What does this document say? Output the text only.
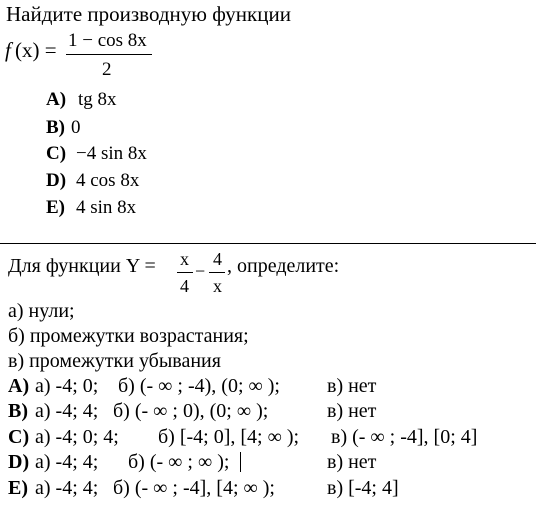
Найдите производную функции
f (x) = 1 − cos 8x
2
A) tg 8x
B) 0
C) −4 sin 8x
D) 4 cos 8x
E) 4 sin 8x
Для функции Y = x
4
−
4
x
, определите:
а) нули;
б) промежутки возрастания;
в) промежутки убывания
A) а) -4; 0; б) (- ∞ ; -4), (0; ∞ ); в) нет
B) а) -4; 4; б) (- ∞ ; 0), (0; ∞ );	в) нет
C) а) -4; 0; 4; б) [-4; 0], [4; ∞ ); в) (- ∞ ; -4], [0; 4]
D) а) -4; 4; б) (- ∞ ; ∞ );	в) нет
E) а) -4; 4; б) (- ∞ ; -4], [4; ∞ );	в) [-4; 4]
